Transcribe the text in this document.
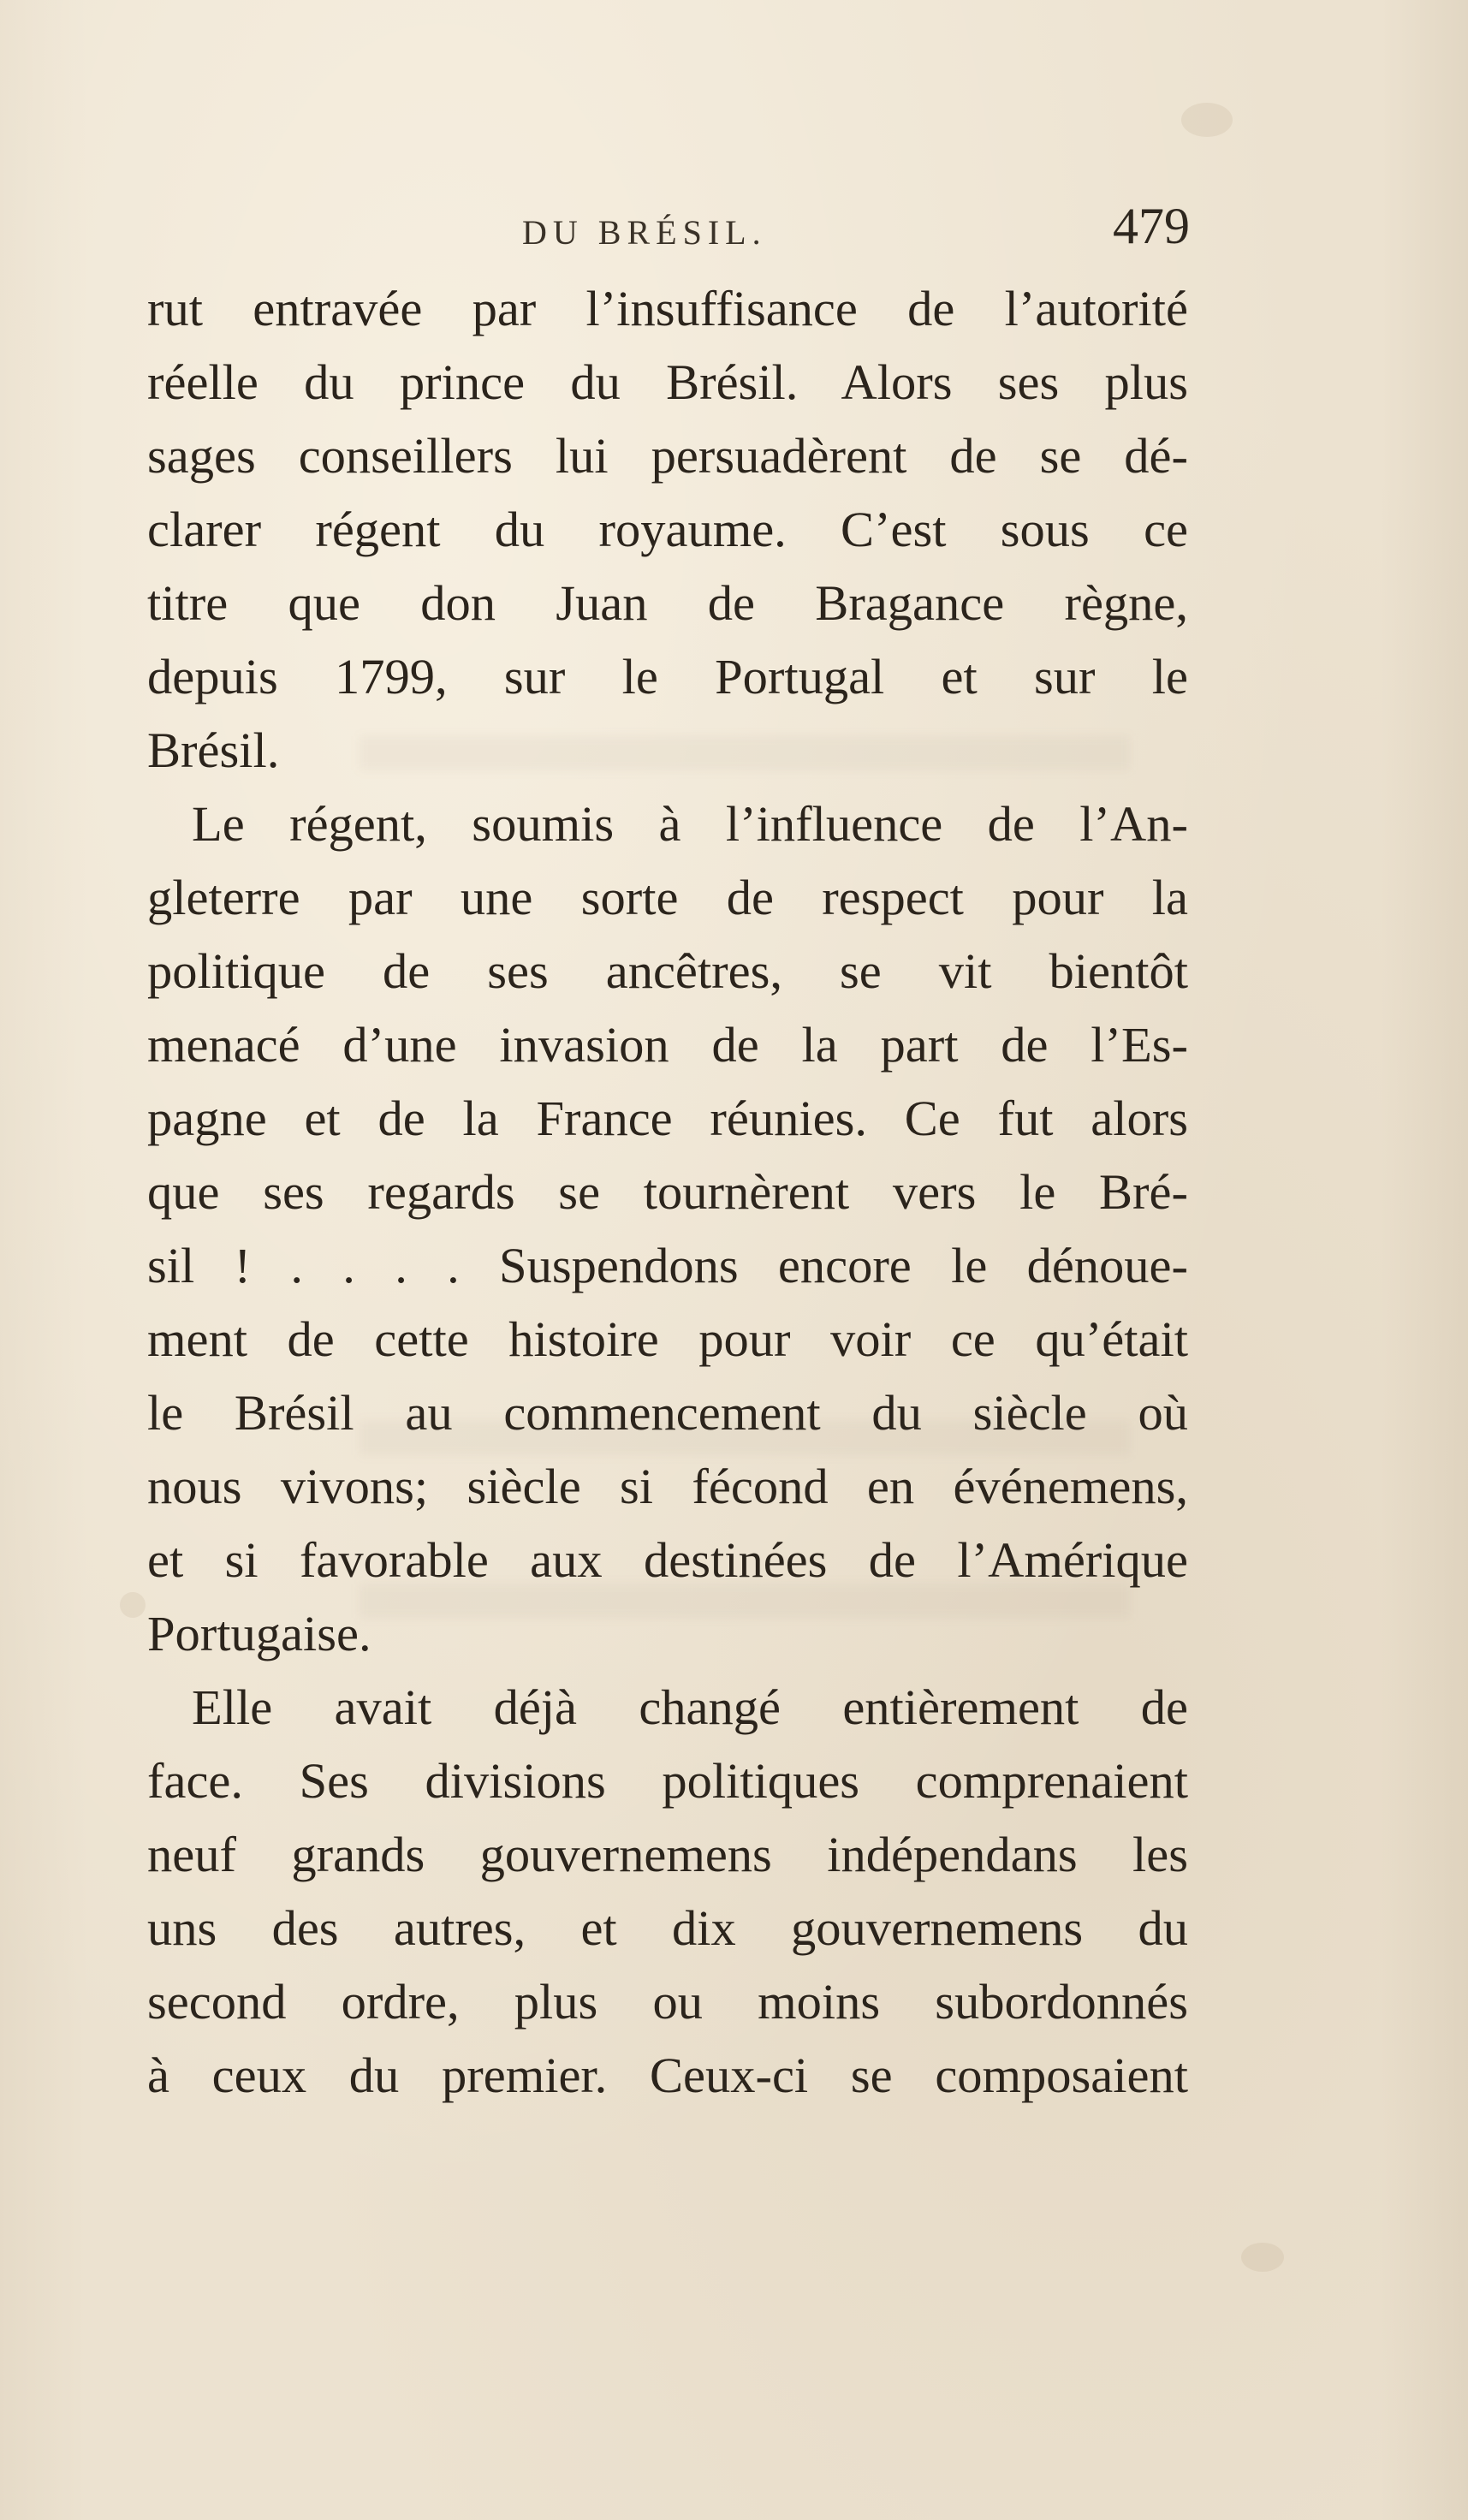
DU BRÉSIL.	479
rut entravée par l’insuffisance de l’autorité
réelle du prince du Brésil. Alors ses plus
sages conseillers lui persuadèrent de se dé-
clarer régent du royaume. C’est sous ce
titre que don Juan de Bragance règne,
depuis 1799, sur le Portugal et sur le
Brésil.
Le régent, soumis à l’influence de l’An-
gleterre par une sorte de respect pour la
politique de ses ancêtres, se vit bientôt
menacé d’une invasion de la part de l’Es-
pagne et de la France réunies. Ce fut alors
que ses regards se tournèrent vers le Bré-
sil ! . . . . Suspendons encore le dénoue-
ment de cette histoire pour voir ce qu’était
le Brésil au commencement du siècle où
nous vivons; siècle si fécond en événemens,
et si favorable aux destinées de l’Amérique
Portugaise.
Elle avait déjà changé entièrement de
face. Ses divisions politiques comprenaient
neuf grands gouvernemens indépendans les
uns des autres, et dix gouvernemens du
second ordre, plus ou moins subordonnés
à ceux du premier. Ceux-ci se composaient
